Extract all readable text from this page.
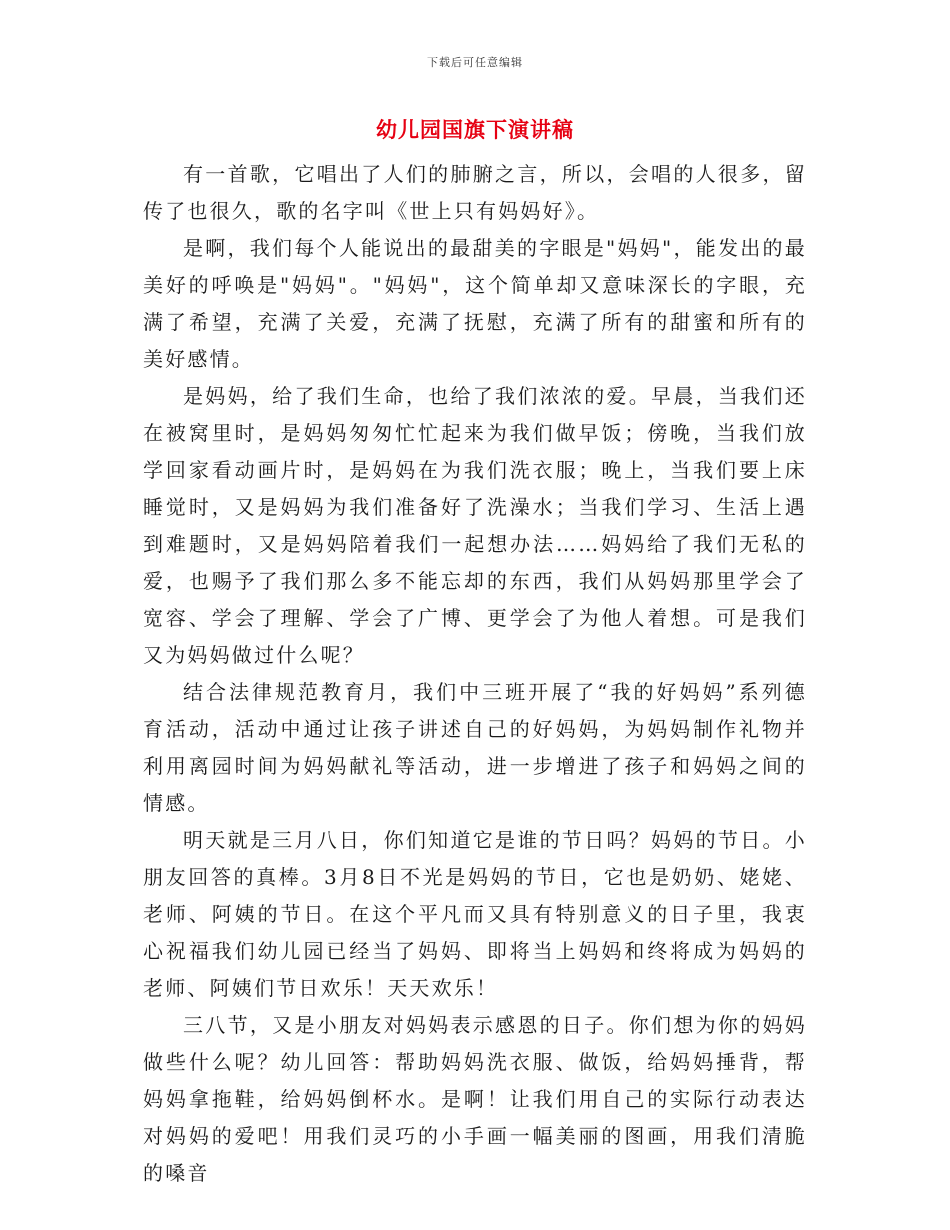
下载后可任意编辑
幼儿园国旗下演讲稿

有一首歌，它唱出了人们的肺腑之言，所以，会唱的人很多，留传了也很久，歌的名字叫《世上只有妈妈好》。

是啊，我们每个人能说出的最甜美的字眼是"妈妈"，能发出的最美好的呼唤是"妈妈"。"妈妈"，这个简单却又意味深长的字眼，充满了希望，充满了关爱，充满了抚慰，充满了所有的甜蜜和所有的美好感情。

是妈妈，给了我们生命，也给了我们浓浓的爱。早晨，当我们还在被窝里时，是妈妈匆匆忙忙起来为我们做早饭；傍晚，当我们放学回家看动画片时，是妈妈在为我们洗衣服；晚上，当我们要上床睡觉时，又是妈妈为我们准备好了洗澡水；当我们学习、生活上遇到难题时，又是妈妈陪着我们一起想办法……妈妈给了我们无私的爱，也赐予了我们那么多不能忘却的东西，我们从妈妈那里学会了宽容、学会了理解、学会了广博、更学会了为他人着想。可是我们又为妈妈做过什么呢？

结合法律规范教育月，我们中三班开展了“我的好妈妈”系列德育活动，活动中通过让孩子讲述自己的好妈妈，为妈妈制作礼物并利用离园时间为妈妈献礼等活动，进一步增进了孩子和妈妈之间的情感。

明天就是三月八日，你们知道它是谁的节日吗？妈妈的节日。小朋友回答的真棒。3月8日不光是妈妈的节日，它也是奶奶、姥姥、老师、阿姨的节日。在这个平凡而又具有特别意义的日子里，我衷心祝福我们幼儿园已经当了妈妈、即将当上妈妈和终将成为妈妈的老师、阿姨们节日欢乐！天天欢乐！

三八节，又是小朋友对妈妈表示感恩的日子。你们想为你的妈妈做些什么呢？幼儿回答：帮助妈妈洗衣服、做饭，给妈妈捶背，帮妈妈拿拖鞋，给妈妈倒杯水。是啊！让我们用自己的实际行动表达对妈妈的爱吧！用我们灵巧的小手画一幅美丽的图画，用我们清脆的嗓音
